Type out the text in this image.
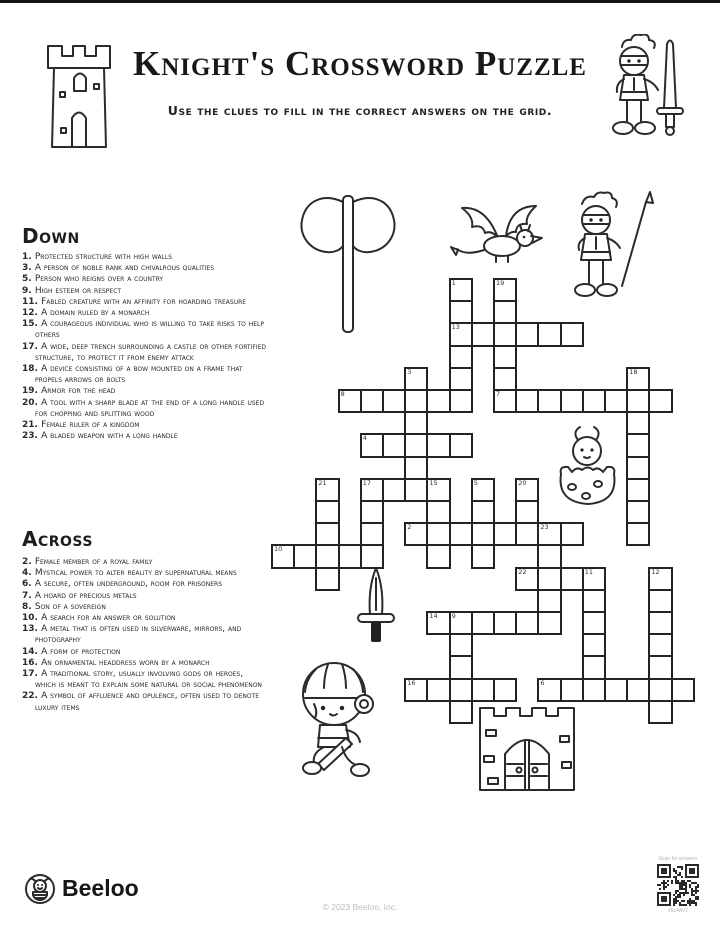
Knight's Crossword Puzzle
Use the clues to fill in the correct answers on the grid.
Down
1. Protected structure with high walls
3. A person of noble rank and chivalrous qualities
5. Person who reigns over a country
9. High esteem or respect
11. Fabled creature with an affinity for hoarding treasure
12. A domain ruled by a monarch
15. A courageous individual who is willing to take risks to help others
17. A wide, deep trench surrounding a castle or other fortified structure, to protect it from enemy attack
18. A device consisting of a bow mounted on a frame that propels arrows or bolts
19. Armor for the head
20. A tool with a sharp blade at the end of a long handle used for chopping and splitting wood
21. Female ruler of a kingdom
23. A bladed weapon with a long handle
Across
2. Female member of a royal family
4. Mystical power to alter reality by supernatural means
6. A secure, often underground, room for prisoners
7. A hoard of precious metals
8. Son of a sovereign
10. A search for an answer or solution
13. A metal that is often used in silverware, mirrors, and photography
14. A form of protection
16. An ornamental headdress worn by a monarch
17. A traditional story, usually involving gods or heroes, which is meant to explain some natural or social phenomenon
22. A symbol of affluence and opulence, often used to denote luxury items
1
13
19
7
3	18
8
4
21	17	15	5	20
2	23
10
22	11	12
14 9
16	6
Beeloo
© 2023 Beeloo, Inc.
Scan for answers
#5c4AV2
